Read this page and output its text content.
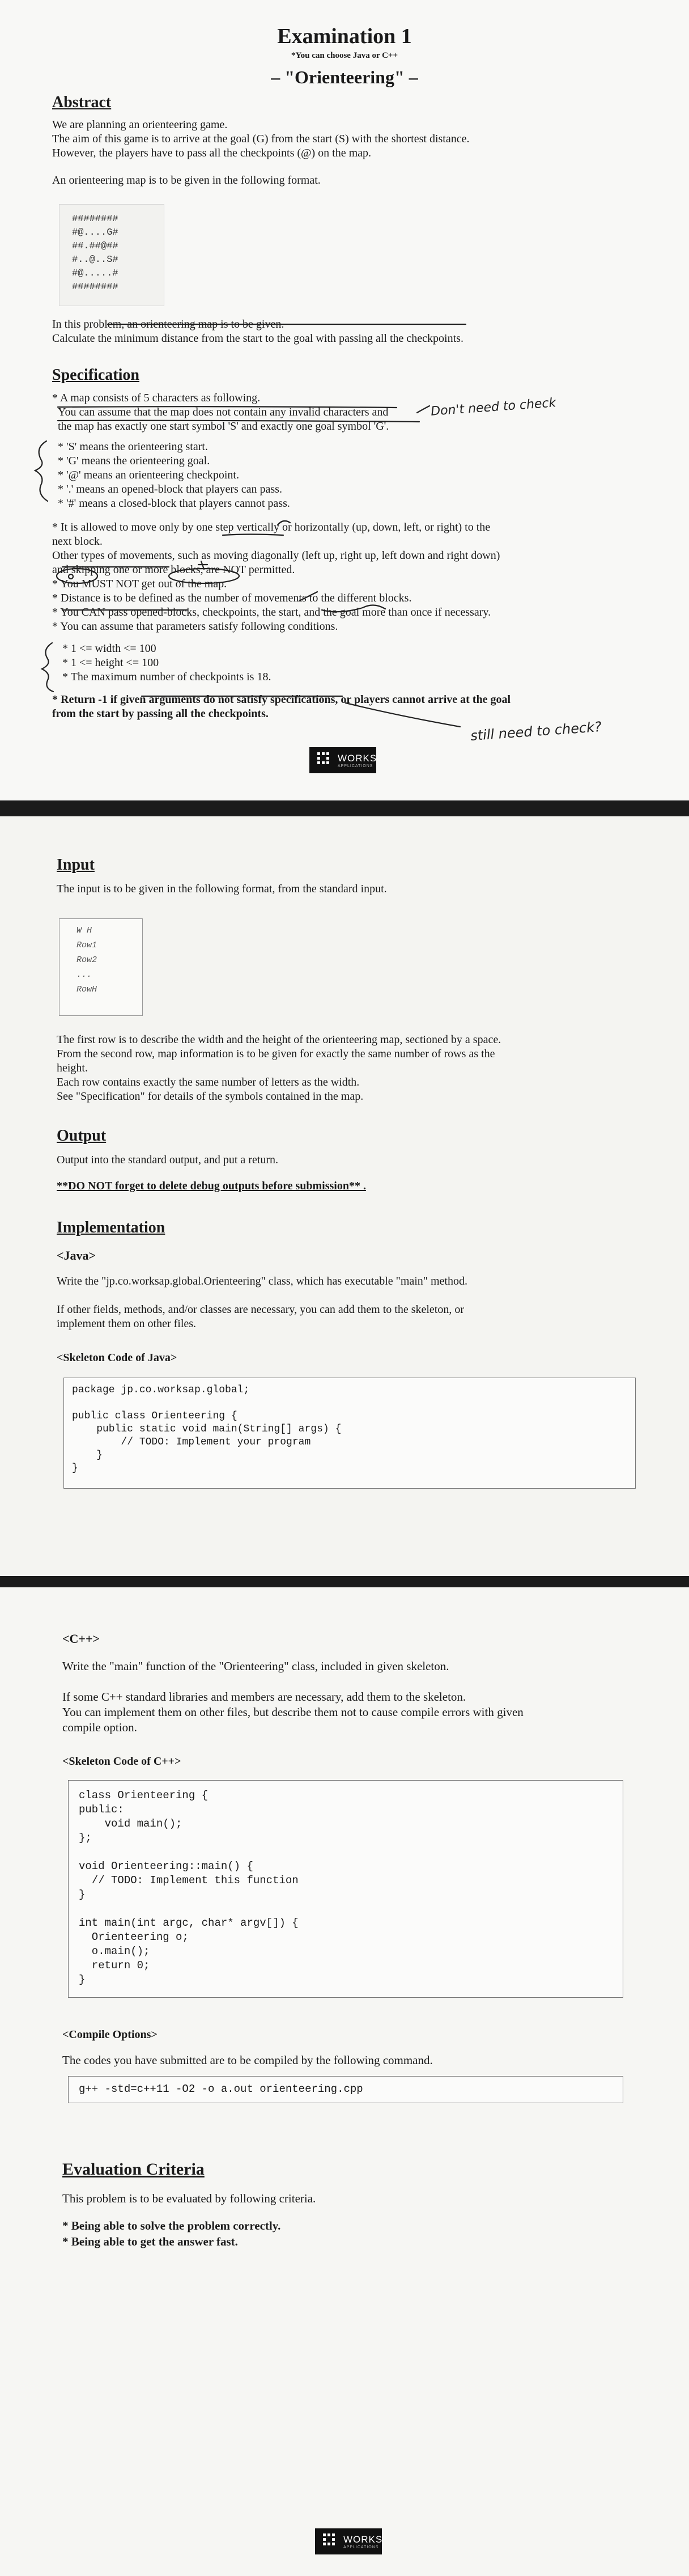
Examination 1
*You can choose Java or C++
– "Orienteering" –
Abstract
We are planning an orienteering game.
The aim of this game is to arrive at the goal (G) from the start (S) with the shortest distance.
However, the players have to pass all the checkpoints (@) on the map.
An orienteering map is to be given in the following format.
########
#@....G#
##.##@##
#..@..S#
#@.....#
########
In this problem, an orienteering map is to be given.
Calculate the minimum distance from the start to the goal with passing all the checkpoints.
Specification
* A map consists of 5 characters as following.
You can assume that the map does not contain any invalid characters and
the map has exactly one start symbol 'S' and exactly one goal symbol 'G'.
Don't need to check
* 'S' means the orienteering start.
* 'G' means the orienteering goal.
* '@' means an orienteering checkpoint.
* '.' means an opened-block that players can pass.
* '#' means a closed-block that players cannot pass.
* It is allowed to move only by one step vertically or horizontally (up, down, left, or right) to the
next block.
Other types of movements, such as moving diagonally (left up, right up, left down and right down)
and skipping one or more blocks, are NOT permitted.
* You MUST NOT get out of the map.
* Distance is to be defined as the number of movements to the different blocks.
* You CAN pass opened-blocks, checkpoints, the start, and the goal more than once if necessary.
* You can assume that parameters satisfy following conditions.
* 1 <= width <= 100
* 1 <= height <= 100
* The maximum number of checkpoints is 18.
* Return -1 if given arguments do not satisfy specifications, or players cannot arrive at the goal
from the start by passing all the checkpoints.
still need to check?
WORKS
APPLICATIONS
Input
The input is to be given in the following format, from the standard input.
W H
Row1
Row2
...
RowH
The first row is to describe the width and the height of the orienteering map, sectioned by a space.
From the second row, map information is to be given for exactly the same number of rows as the
height.
Each row contains exactly the same number of letters as the width.
See "Specification" for details of the symbols contained in the map.
Output
Output into the standard output, and put a return.
**DO NOT forget to delete debug outputs before submission** .
Implementation
<Java>
Write the "jp.co.worksap.global.Orienteering" class, which has executable "main" method.
If other fields, methods, and/or classes are necessary, you can add them to the skeleton, or
implement them on other files.
<Skeleton Code of Java>
package jp.co.worksap.global;

public class Orienteering {
public static void main(String[] args) {
// TODO: Implement your program
}
}
<C++>
Write the "main" function of the "Orienteering" class, included in given skeleton.
If some C++ standard libraries and members are necessary, add them to the skeleton.
You can implement them on other files, but describe them not to cause compile errors with given
compile option.
<Skeleton Code of C++>
class Orienteering {
public:
void main();
};

void Orienteering::main() {
// TODO: Implement this function
}

int main(int argc, char* argv[]) {
Orienteering o;
o.main();
return 0;
}
<Compile Options>
The codes you have submitted are to be compiled by the following command.
g++ -std=c++11 -O2 -o a.out orienteering.cpp
Evaluation Criteria
This problem is to be evaluated by following criteria.
* Being able to solve the problem correctly.
* Being able to get the answer fast.
WORKS
APPLICATIONS
